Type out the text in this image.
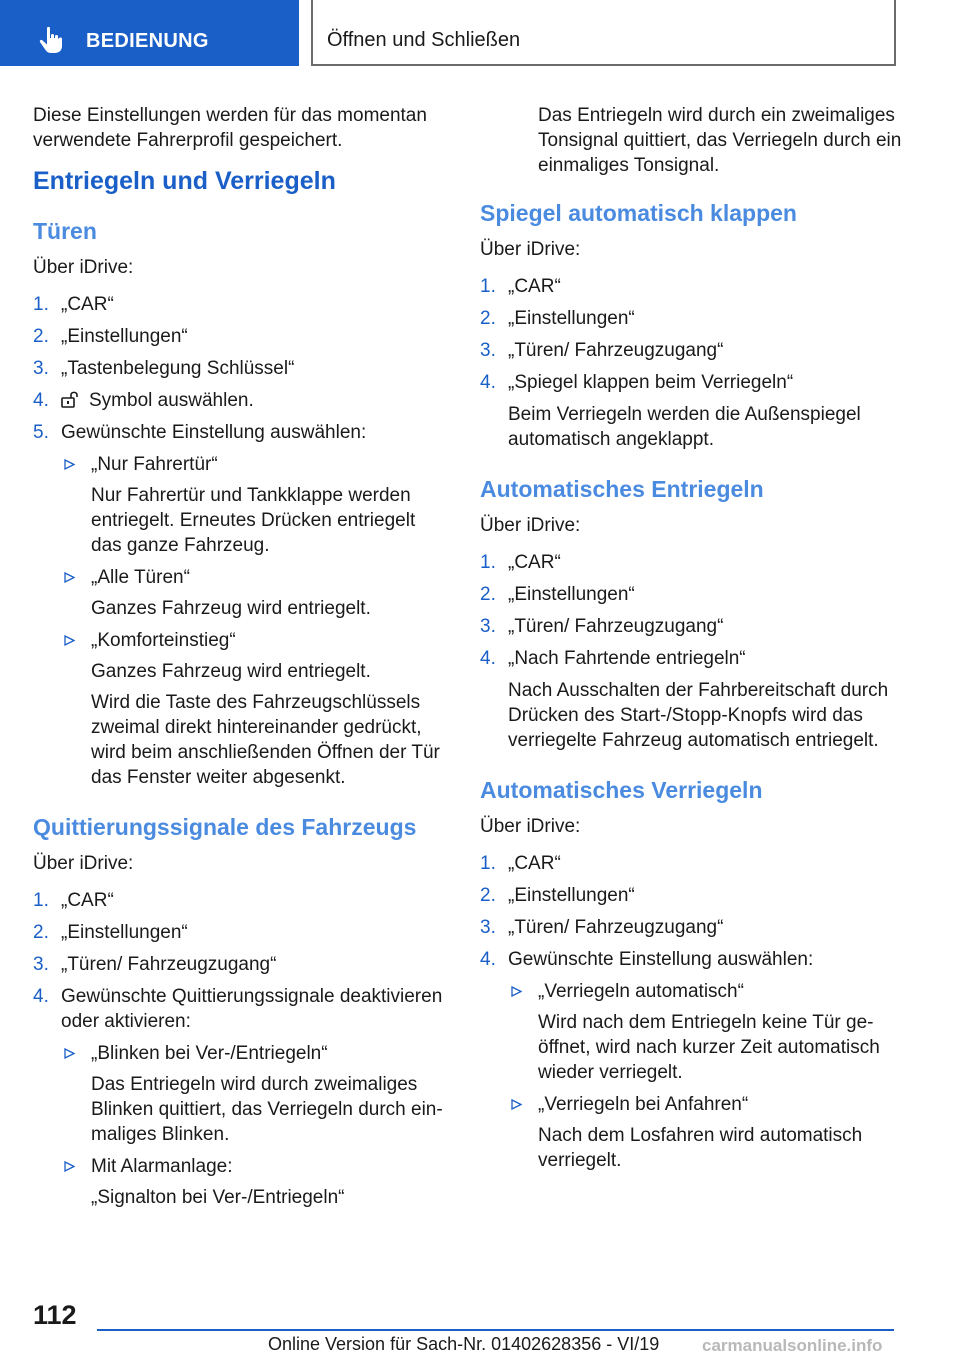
BEDIENUNG	Öffnen und Schließen

Diese Einstellungen werden für das momentan verwendete Fahrerprofil gespeichert.

Entriegeln und Verriegeln
Türen
Über iDrive:
1. „CAR“
2. „Einstellungen“
3. „Tastenbelegung Schlüssel“
4. Symbol auswählen.
5. Gewünschte Einstellung auswählen:
„Nur Fahrertür“
Nur Fahrertür und Tankklappe werden entriegelt. Erneutes Drücken entriegelt das ganze Fahrzeug.
„Alle Türen“
Ganzes Fahrzeug wird entriegelt.
„Komforteinstieg“
Ganzes Fahrzeug wird entriegelt.
Wird die Taste des Fahrzeugschlüssels zweimal direkt hintereinander gedrückt, wird beim anschließenden Öffnen der Tür das Fenster weiter abgesenkt.
Quittierungssignale des Fahrzeugs
Über iDrive:
1. „CAR“
2. „Einstellungen“
3. „Türen/ Fahrzeugzugang“
4. Gewünschte Quittierungssignale deaktivieren oder aktivieren:
„Blinken bei Ver-/Entriegeln“
Das Entriegeln wird durch zweimaliges Blinken quittiert, das Verriegeln durch einmaliges Blinken.
Mit Alarmanlage:
„Signalton bei Ver-/Entriegeln“

Das Entriegeln wird durch ein zweimaliges Tonsignal quittiert, das Verriegeln durch ein einmaliges Tonsignal.

Spiegel automatisch klappen
Über iDrive:
1. „CAR“
2. „Einstellungen“
3. „Türen/ Fahrzeugzugang“
4. „Spiegel klappen beim Verriegeln“
Beim Verriegeln werden die Außenspiegel automatisch angeklappt.
Automatisches Entriegeln
Über iDrive:
1. „CAR“
2. „Einstellungen“
3. „Türen/ Fahrzeugzugang“
4. „Nach Fahrtende entriegeln“
Nach Ausschalten der Fahrbereitschaft durch Drücken des Start-/Stopp-Knopfs wird das verriegelte Fahrzeug automatisch entriegelt.
Automatisches Verriegeln
Über iDrive:
1. „CAR“
2. „Einstellungen“
3. „Türen/ Fahrzeugzugang“
4. Gewünschte Einstellung auswählen:
„Verriegeln automatisch“
Wird nach dem Entriegeln keine Tür geöffnet, wird nach kurzer Zeit automatisch wieder verriegelt.
„Verriegeln bei Anfahren“
Nach dem Losfahren wird automatisch verriegelt.
112
Online Version für Sach-Nr. 01402628356 - VI/19	carmanualsonline.info
